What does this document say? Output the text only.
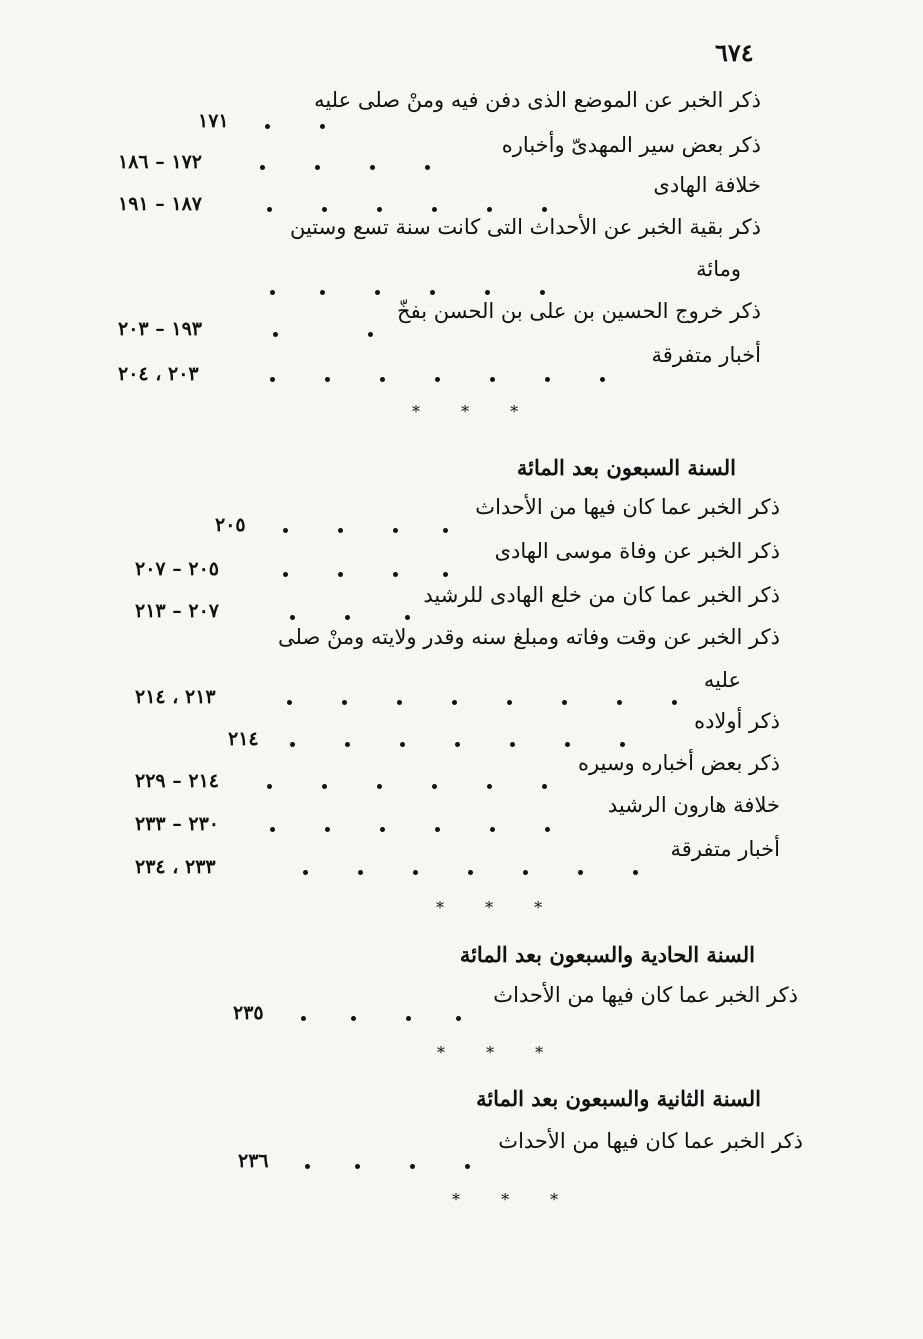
٦٧٤
ذكر الخبر عن الموضع الذى دفن فيه ومنْ صلى عليه
١٧١
ذكر بعض سير المهدىّ وأخباره
١٧٢ – ١٨٦
خلافة الهادى
١٨٧ – ١٩١
ذكر بقية الخبر عن الأحداث التى كانت سنة تسع وستين
ومائة
ذكر خروج الحسين بن على بن الحسن بفخّ
١٩٣ – ٢٠٣
أخبار متفرقة
٢٠٣ ، ٢٠٤
* * *
السنة السبعون بعد المائة
ذكر الخبر عما كان فيها من الأحداث
٢٠٥
ذكر الخبر عن وفاة موسى الهادى
٢٠٥ – ٢٠٧
ذكر الخبر عما كان من خلع الهادى للرشيد
٢٠٧ – ٢١٣
ذكر الخبر عن وقت وفاته ومبلغ سنه وقدر ولايته ومنْ صلى
عليه
٢١٣ ، ٢١٤
ذكر أولاده
٢١٤
ذكر بعض أخباره وسيره
٢١٤ – ٢٢٩
خلافة هارون الرشيد
٢٣٠ – ٢٣٣
أخبار متفرقة
٢٣٣ ، ٢٣٤
* * *
السنة الحادية والسبعون بعد المائة
ذكر الخبر عما كان فيها من الأحداث
٢٣٥
* * *
السنة الثانية والسبعون بعد المائة
ذكر الخبر عما كان فيها من الأحداث
٢٣٦
* * *
